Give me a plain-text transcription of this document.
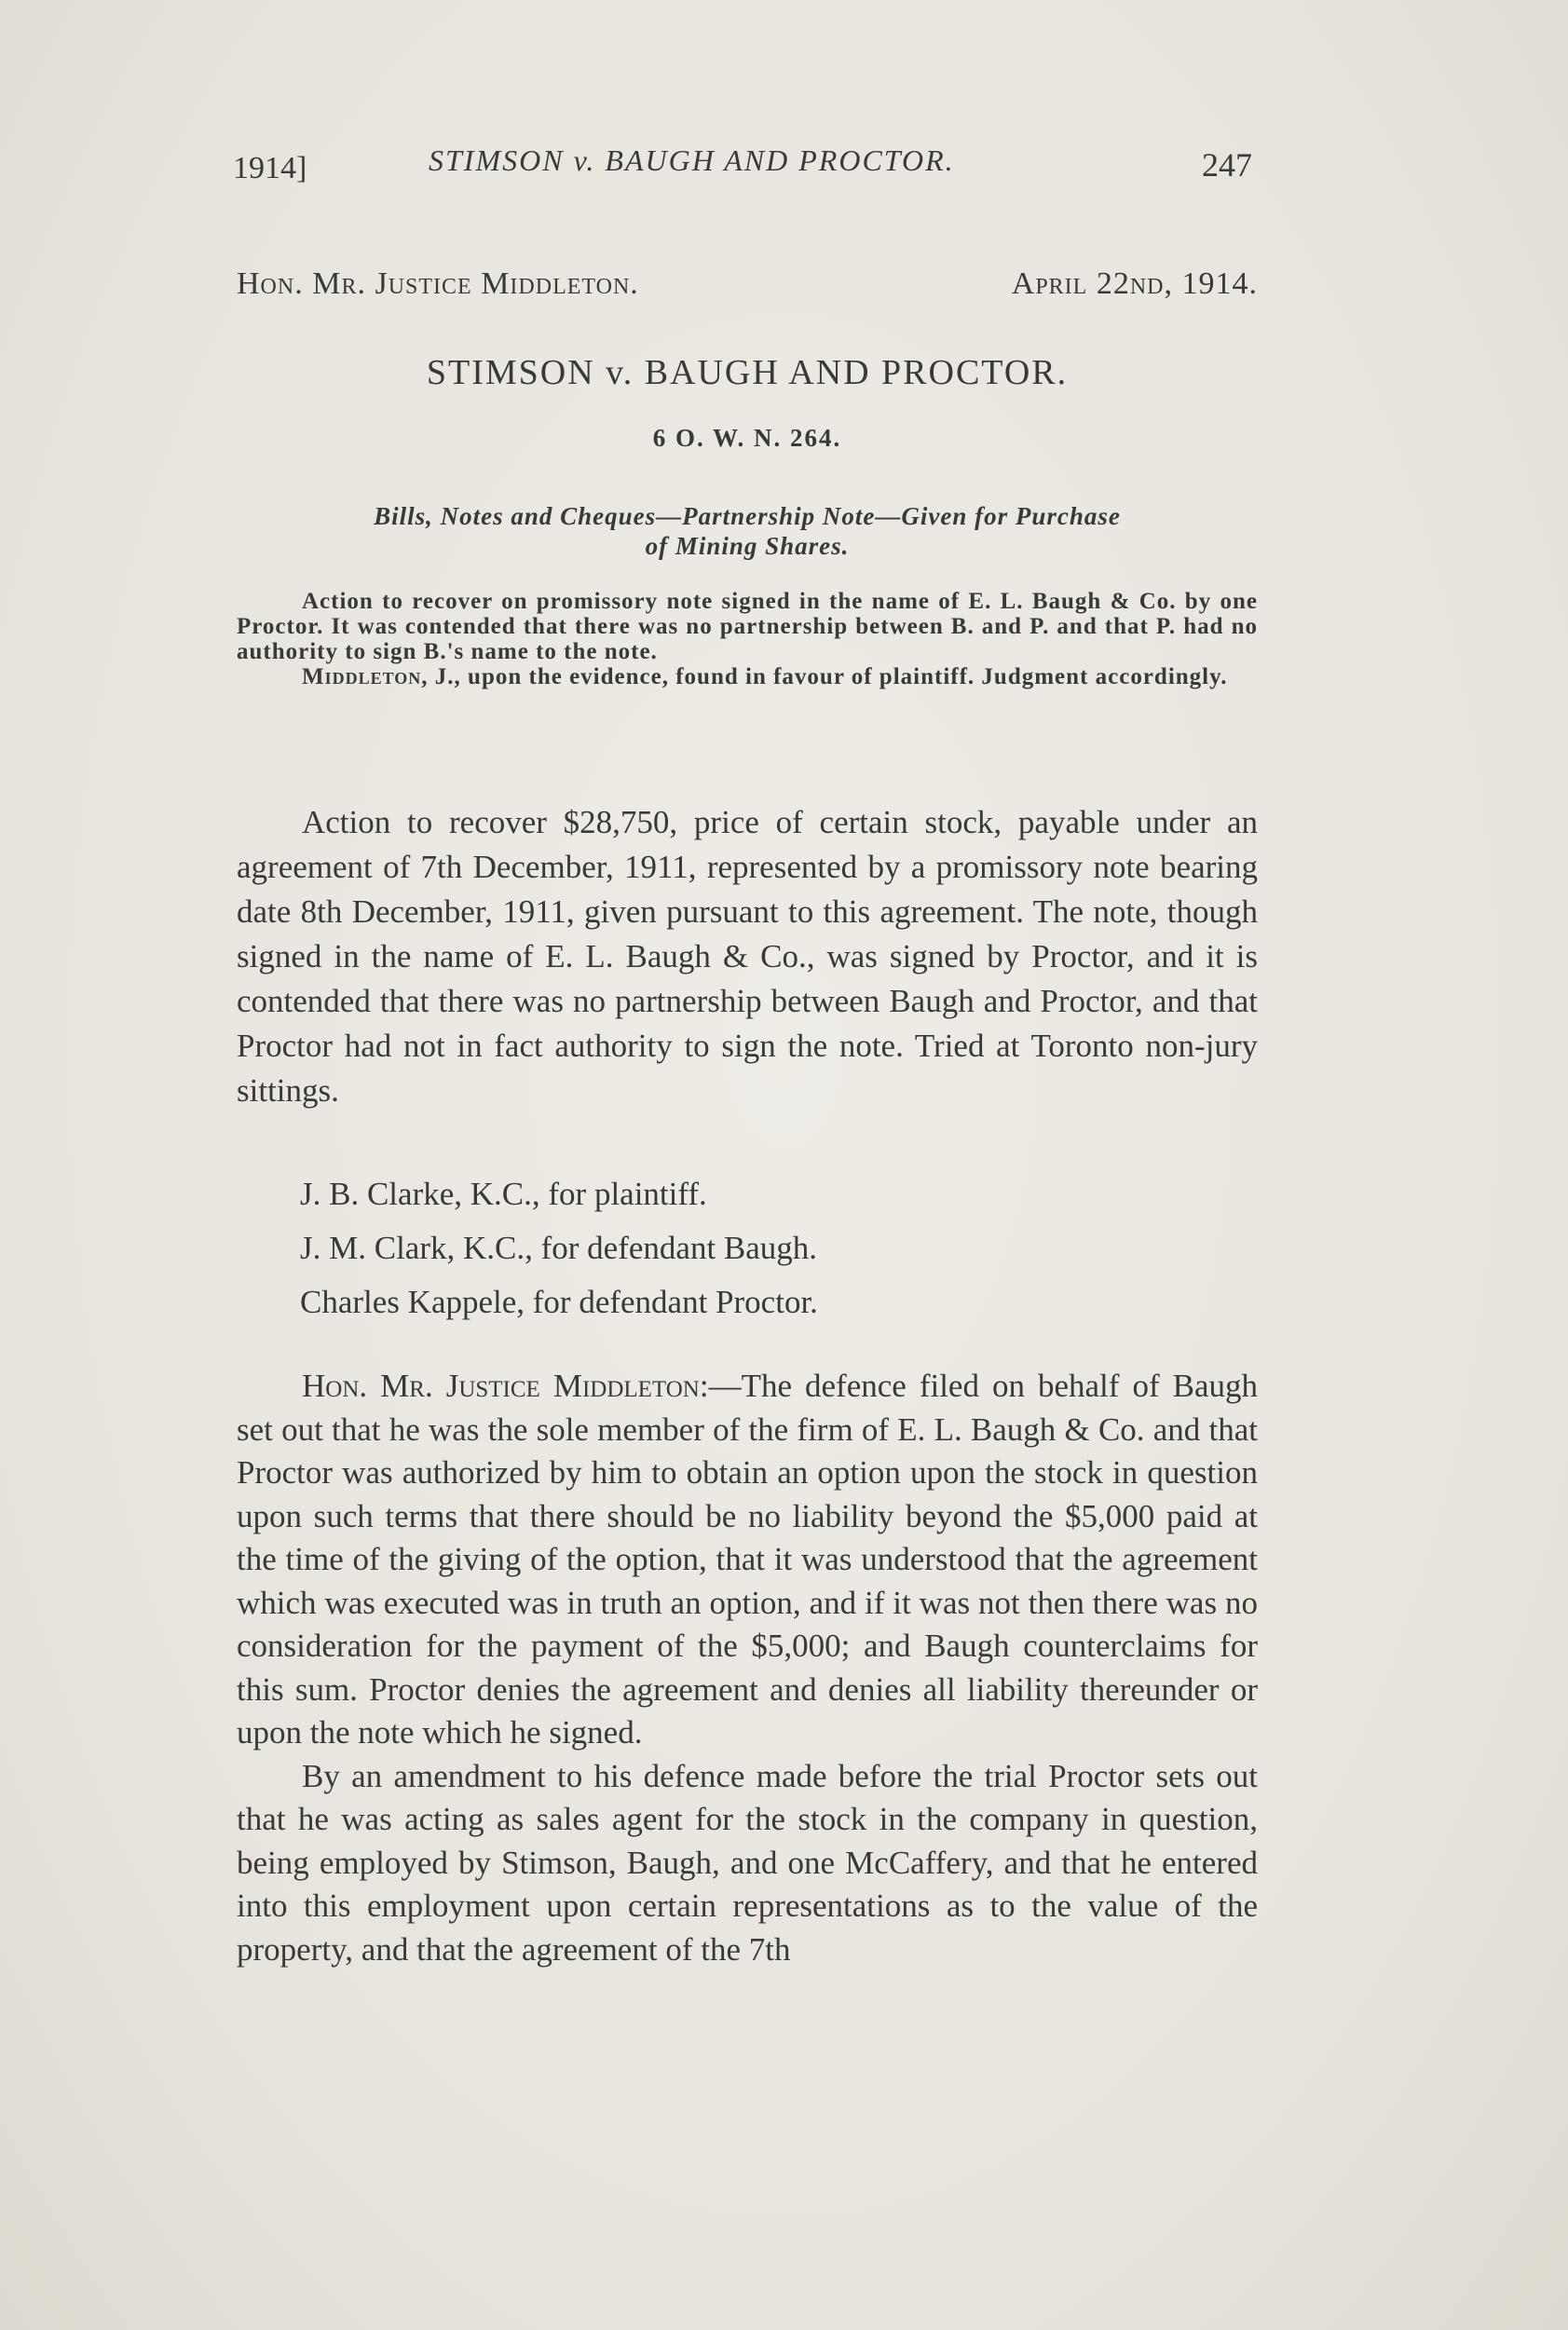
1914]	STIMSON v. BAUGH AND PROCTOR.	247
Hon. Mr. Justice Middleton.	April 22nd, 1914.
STIMSON v. BAUGH AND PROCTOR.
6 O. W. N. 264.
Bills, Notes and Cheques—Partnership Note—Given for Purchase
of Mining Shares.

Action to recover on promissory note signed in the name of E. L. Baugh & Co. by one Proctor. It was contended that there was no partnership between B. and P. and that P. had no authority to sign B.'s name to the note.

Middleton, J., upon the evidence, found in favour of plaintiff. Judgment accordingly.

Action to recover $28,750, price of certain stock, payable under an agreement of 7th December, 1911, represented by a promissory note bearing date 8th December, 1911, given pursuant to this agreement. The note, though signed in the name of E. L. Baugh & Co., was signed by Proctor, and it is contended that there was no partnership between Baugh and Proctor, and that Proctor had not in fact authority to sign the note. Tried at Toronto non-jury sittings.

J. B. Clarke, K.C., for plaintiff.
J. M. Clark, K.C., for defendant Baugh.
Charles Kappele, for defendant Proctor.

Hon. Mr. Justice Middleton:—The defence filed on behalf of Baugh set out that he was the sole member of the firm of E. L. Baugh & Co. and that Proctor was authorized by him to obtain an option upon the stock in question upon such terms that there should be no liability beyond the $5,000 paid at the time of the giving of the option, that it was understood that the agreement which was executed was in truth an option, and if it was not then there was no consideration for the payment of the $5,000; and Baugh counterclaims for this sum. Proctor denies the agreement and denies all liability thereunder or upon the note which he signed.

By an amendment to his defence made before the trial Proctor sets out that he was acting as sales agent for the stock in the company in question, being employed by Stimson, Baugh, and one McCaffery, and that he entered into this employment upon certain representations as to the value of the property, and that the agreement of the 7th
